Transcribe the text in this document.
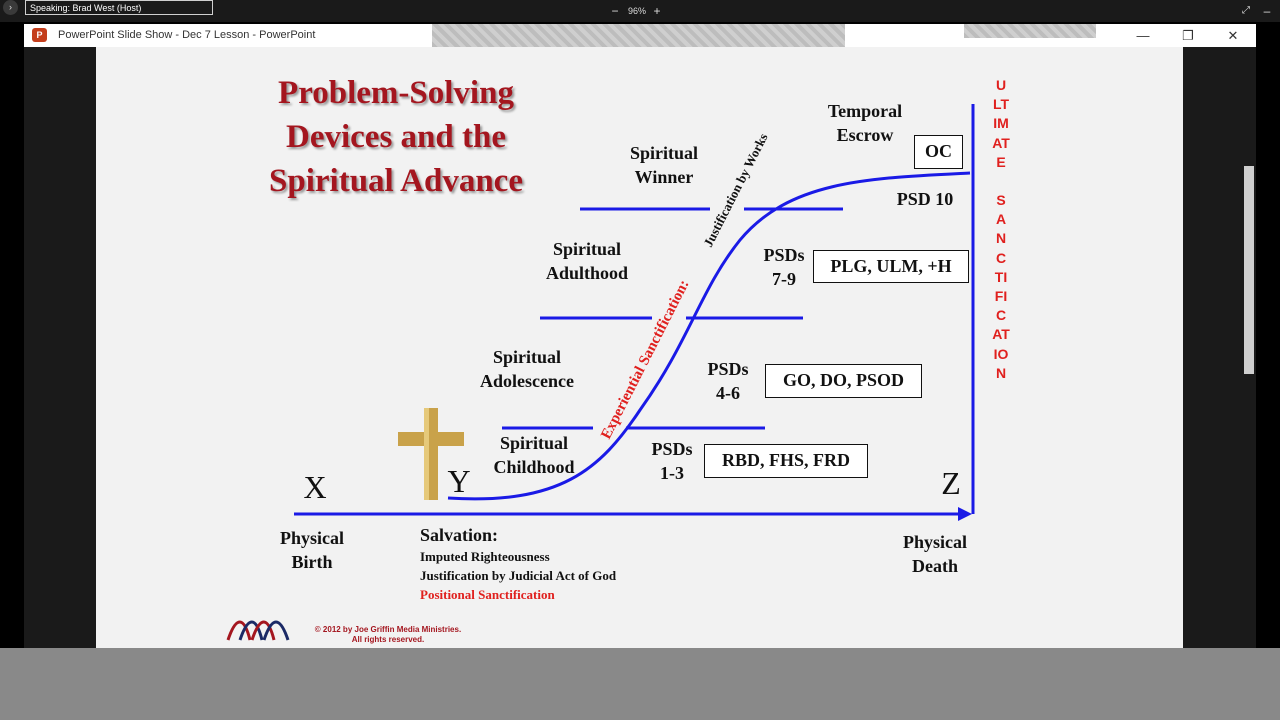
›	Speaking: Brad West (Host)	−	96% +	⤢	–
P	PowerPoint Slide Show - Dec 7 Lesson - PowerPoint	—	❐	✕
Experiential Sanctification:
Justification by Works
Problem-Solving
Devices and the
Spiritual Advance
Spiritual
Winner
Spiritual
Adulthood
Spiritual
Adolescence
Spiritual
Childhood
Temporal
Escrow
OC
PSD 10
PSDs
7-9
PLG, ULM, +H
PSDs
4-6
GO, DO, PSOD
PSDs
1-3
RBD, FHS, FRD
X	Y	Z
Physical
Birth
Physical
Death
Salvation:
Imputed Righteousness
Justification by Judicial Act of God
Positional Sanctification
ULTIMATE
SANCTIFICATION
© 2012 by Joe Griffin Media Ministries.
All rights reserved.
